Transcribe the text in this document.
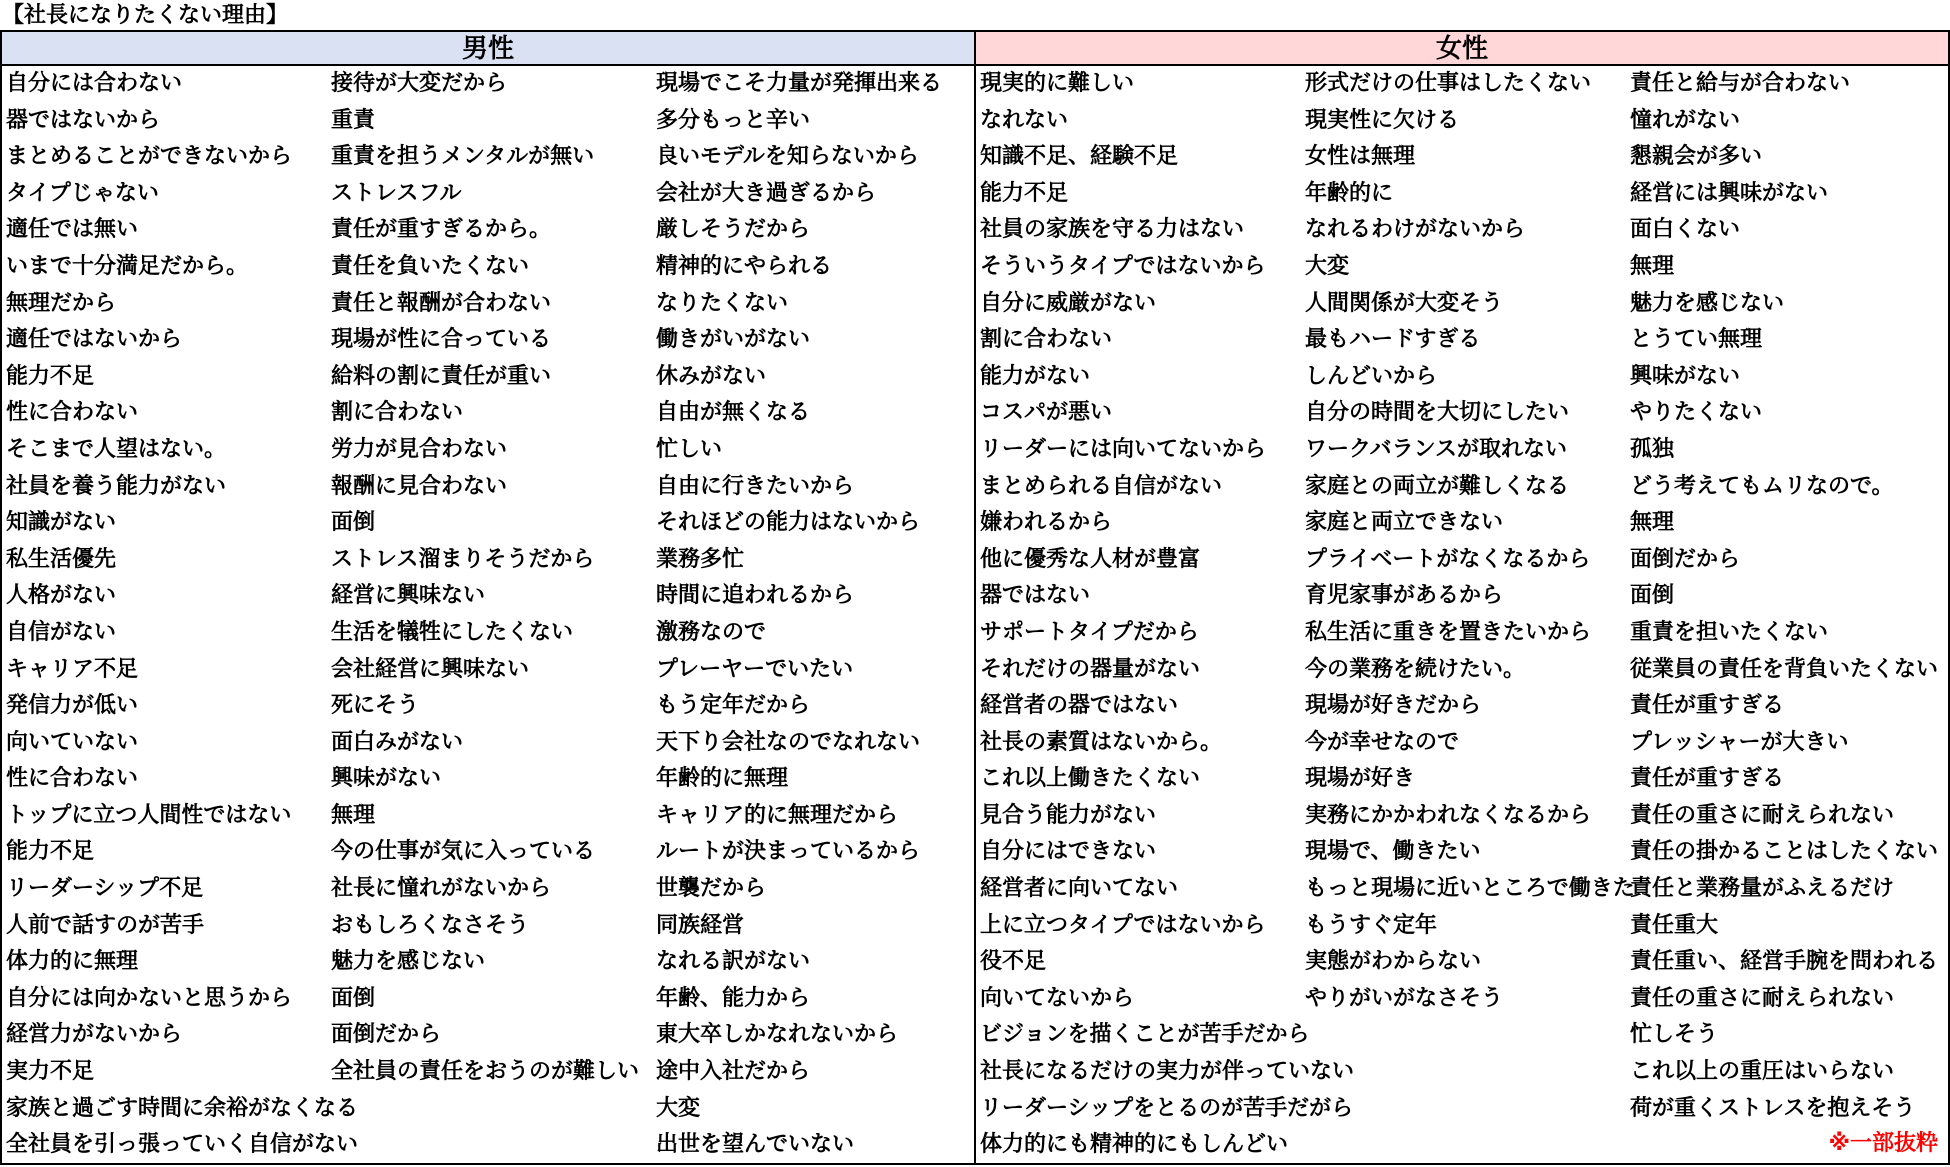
【社長になりたくない理由】
男性
自分には合わない
器ではないから
まとめることができないから
タイプじゃない
適任では無い
いまで十分満足だから。
無理だから
適任ではないから
能力不足
性に合わない
そこまで人望はない。
社員を養う能力がない
知識がない
私生活優先
人格がない
自信がない
キャリア不足
発信力が低い
向いていない
性に合わない
トップに立つ人間性ではない
能力不足
リーダーシップ不足
人前で話すのが苦手
体力的に無理
自分には向かないと思うから
経営力がないから
実力不足
家族と過ごす時間に余裕がなくなる
全社員を引っ張っていく自信がない
接待が大変だから
重責
重責を担うメンタルが無い
ストレスフル
責任が重すぎるから。
責任を負いたくない
責任と報酬が合わない
現場が性に合っている
給料の割に責任が重い
割に合わない
労力が見合わない
報酬に見合わない
面倒
ストレス溜まりそうだから
経営に興味ない
生活を犠牲にしたくない
会社経営に興味ない
死にそう
面白みがない
興味がない
無理
今の仕事が気に入っている
社長に憧れがないから
おもしろくなさそう
魅力を感じない
面倒
面倒だから
全社員の責任をおうのが難しい
現場でこそ力量が発揮出来る
多分もっと辛い
良いモデルを知らないから
会社が大き過ぎるから
厳しそうだから
精神的にやられる
なりたくない
働きがいがない
休みがない
自由が無くなる
忙しい
自由に行きたいから
それほどの能力はないから
業務多忙
時間に追われるから
激務なので
プレーヤーでいたい
もう定年だから
天下り会社なのでなれない
年齢的に無理
キャリア的に無理だから
ルートが決まっているから
世襲だから
同族経営
なれる訳がない
年齢、能力から
東大卒しかなれないから
途中入社だから
大変
出世を望んでいない
女性
現実的に難しい
なれない
知識不足、経験不足
能力不足
社員の家族を守る力はない
そういうタイプではないから
自分に威厳がない
割に合わない
能力がない
コスパが悪い
リーダーには向いてないから
まとめられる自信がない
嫌われるから
他に優秀な人材が豊富
器ではない
サポートタイプだから
それだけの器量がない
経営者の器ではない
社長の素質はないから。
これ以上働きたくない
見合う能力がない
自分にはできない
経営者に向いてない
上に立つタイプではないから
役不足
向いてないから
ビジョンを描くことが苦手だから
社長になるだけの実力が伴っていない
リーダーシップをとるのが苦手だがら
体力的にも精神的にもしんどい
形式だけの仕事はしたくない
現実性に欠ける
女性は無理
年齢的に
なれるわけがないから
大変
人間関係が大変そう
最もハードすぎる
しんどいから
自分の時間を大切にしたい
ワークバランスが取れない
家庭との両立が難しくなる
家庭と両立できない
プライベートがなくなるから
育児家事があるから
私生活に重きを置きたいから
今の業務を続けたい。
現場が好きだから
今が幸せなので
現場が好き
実務にかかわれなくなるから
現場で、働きたい
もっと現場に近いところで働きた
もうすぐ定年
実態がわからない
やりがいがなさそう
責任と給与が合わない
憧れがない
懇親会が多い
経営には興味がない
面白くない
無理
魅力を感じない
とうてい無理
興味がない
やりたくない
孤独
どう考えてもムリなので。
無理
面倒だから
面倒
重責を担いたくない
従業員の責任を背負いたくない
責任が重すぎる
プレッシャーが大きい
責任が重すぎる
責任の重さに耐えられない
責任の掛かることはしたくない
責任と業務量がふえるだけ
責任重大
責任重い、経営手腕を問われる
責任の重さに耐えられない
忙しそう
これ以上の重圧はいらない
荷が重くストレスを抱えそう
※一部抜粋
